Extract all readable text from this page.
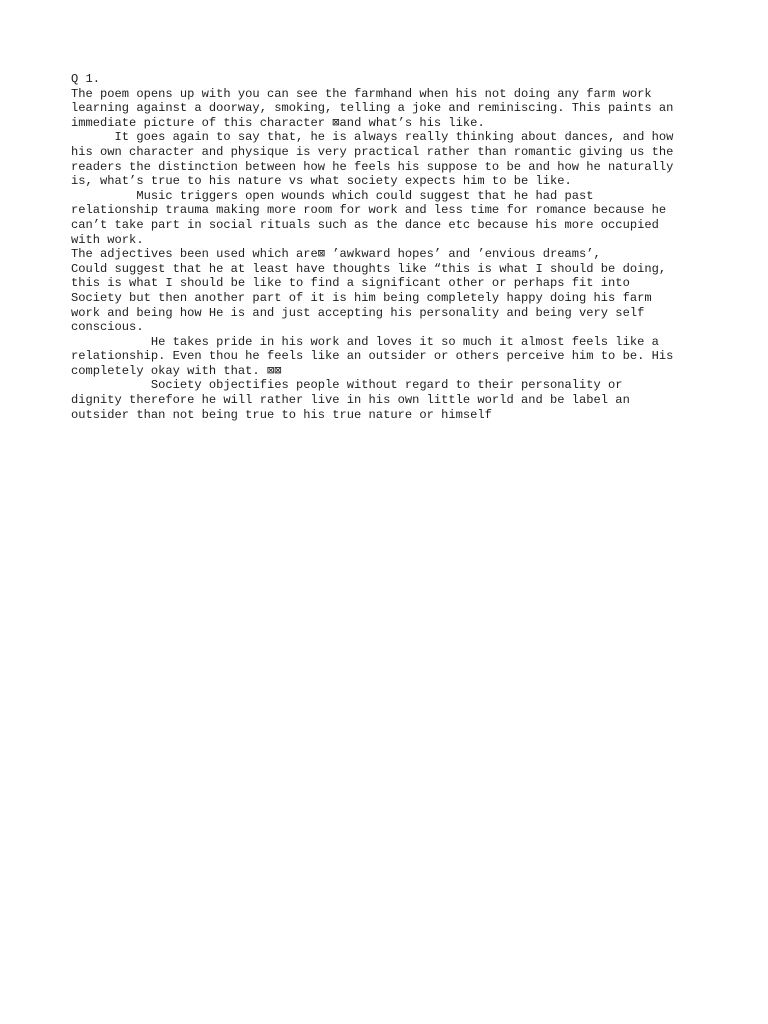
Q 1.
The poem opens up with you can see the farmhand when his not doing any farm work
learning against a doorway, smoking, telling a joke and reminiscing. This paints an
immediate picture of this character ⊠and what’s his like.
It goes again to say that, he is always really thinking about dances, and how
his own character and physique is very practical rather than romantic giving us the
readers the distinction between how he feels his suppose to be and how he naturally
is, what’s true to his nature vs what society expects him to be like.
Music triggers open wounds which could suggest that he had past
relationship trauma making more room for work and less time for romance because he
can’t take part in social rituals such as the dance etc because his more occupied
with work.
The adjectives been used which are⊠ ’awkward hopes’ and ’envious dreams’,
Could suggest that he at least have thoughts like “this is what I should be doing,
this is what I should be like to find a significant other or perhaps fit into
Society but then another part of it is him being completely happy doing his farm
work and being how He is and just accepting his personality and being very self
conscious.
He takes pride in his work and loves it so much it almost feels like a
relationship. Even thou he feels like an outsider or others perceive him to be. His
completely okay with that. ⊠⊠
Society objectifies people without regard to their personality or
dignity therefore he will rather live in his own little world and be label an
outsider than not being true to his true nature or himself
